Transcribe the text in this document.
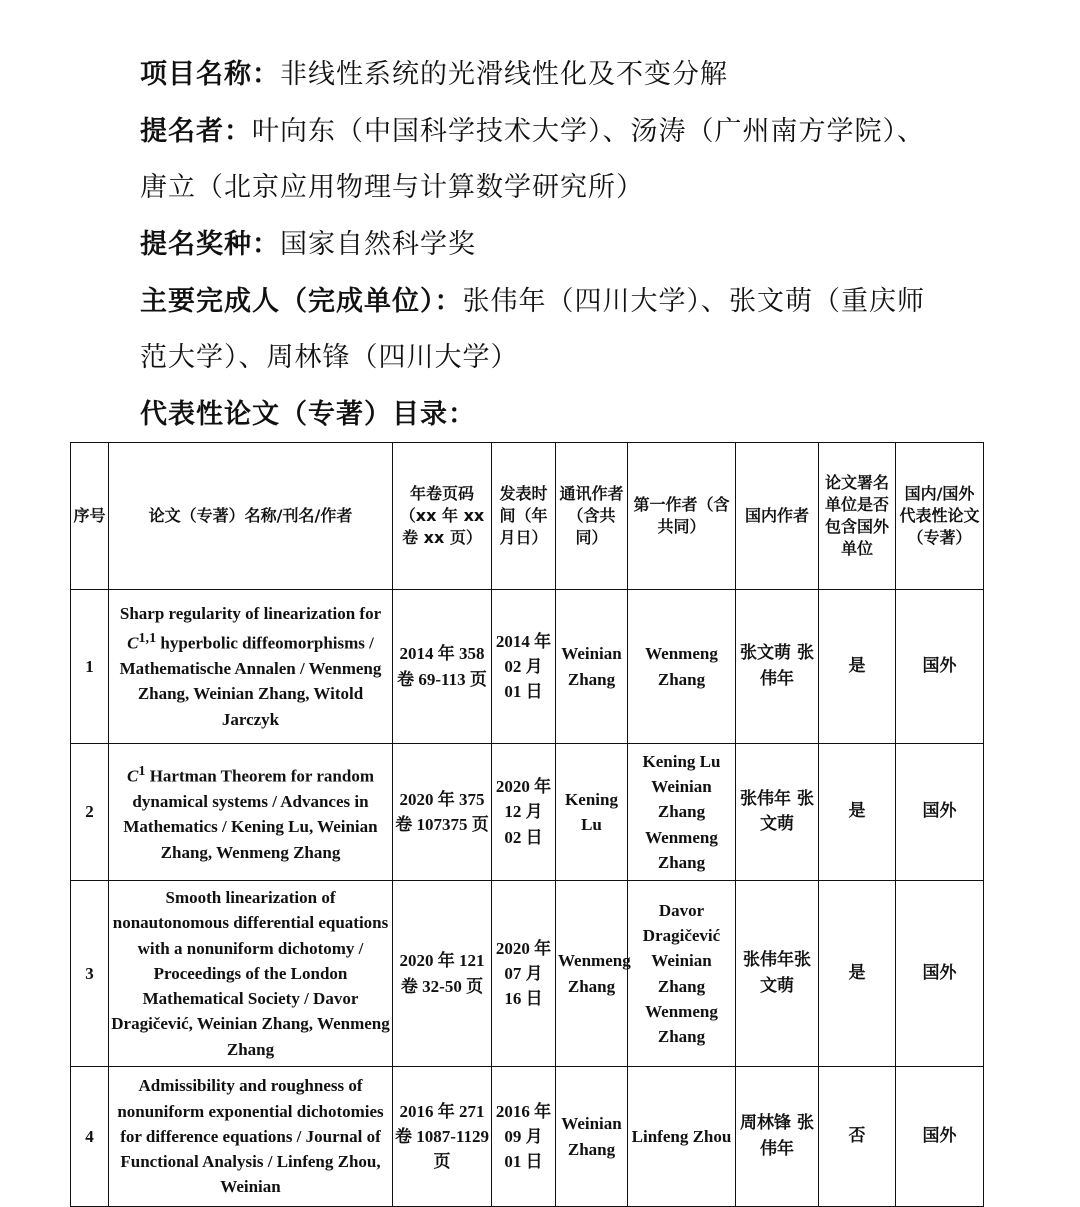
项目名称：非线性系统的光滑线性化及不变分解
提名者：叶向东（中国科学技术大学）、汤涛（广州南方学院）、
唐立（北京应用物理与计算数学研究所）
提名奖种：国家自然科学奖
主要完成人（完成单位）：张伟年（四川大学）、张文萌（重庆师
范大学）、周林锋（四川大学）
代表性论文（专著）目录：
序号	论文（专著）名称/刊名/作者	年卷页码（xx 年 xx 卷 xx 页）	发表时间（年月日）	通讯作者（含共同）	第一作者（含共同）	国内作者	论文署名单位是否包含国外单位	国内/国外代表性论文（专著）
1	Sharp regularity of linearization for C$^{1,1}$ hyperbolic diffeomorphisms / Mathematische Annalen / Wenmeng Zhang, Weinian Zhang, Witold Jarczyk	2014 年 358 卷 69-113 页	2014 年 02 月 01 日	Weinian Zhang	Wenmeng Zhang	张文萌 张伟年	是	国外
2	$C^1$ Hartman Theorem for random dynamical systems / Advances in Mathematics / Kening Lu, Weinian Zhang, Wenmeng Zhang	2020 年 375 卷 107375 页	2020 年 12 月 02 日	Kening Lu	Kening Lu Weinian Zhang Wenmeng Zhang	张伟年 张文萌	是	国外
3	Smooth linearization of nonautonomous differential equations with a nonuniform dichotomy / Proceedings of the London Mathematical Society / Davor Dragičević, Weinian Zhang, Wenmeng Zhang	2020 年 121 卷 32-50 页	2020 年 07 月 16 日	Wenmeng Zhang	Davor Dragičević Weinian Zhang Wenmeng Zhang	张伟年张文萌	是	国外
4	Admissibility and roughness of nonuniform exponential dichotomies for difference equations / Journal of Functional Analysis / Linfeng Zhou, Weinian	2016 年 271 卷 1087-1129 页	2016 年 09 月 01 日	Weinian Zhang	Linfeng Zhou	周林锋 张伟年	否	国外
